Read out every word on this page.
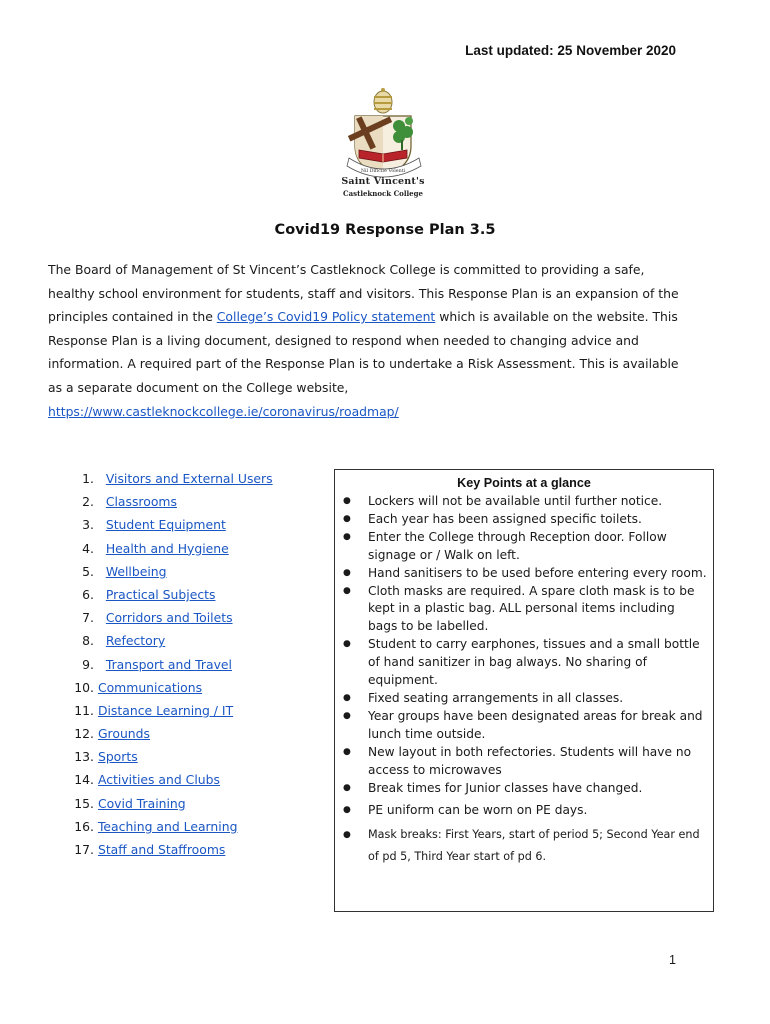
Last updated: 25 November 2020
Nil Dificile Volenti
Saint Vincent's
Castleknock College
Covid19 Response Plan 3.5

The Board of Management of St Vincent’s Castleknock College is committed to providing a safe, healthy school environment for students, staff and visitors. This Response Plan is an expansion of the principles contained in the College’s Covid19 Policy statement which is available on the website. This Response Plan is a living document, designed to respond when needed to changing advice and information. A required part of the Response Plan is to undertake a Risk Assessment. This is available as a separate document on the College website,

https://www.castleknockcollege.ie/coronavirus/roadmap/

1. Visitors and External Users
2. Classrooms
3. Student Equipment
4. Health and Hygiene
5. Wellbeing
6. Practical Subjects
7. Corridors and Toilets
8. Refectory
9. Transport and Travel
10. Communications
11. Distance Learning / IT
12. Grounds
13. Sports
14. Activities and Clubs
15. Covid Training
16. Teaching and Learning
17. Staff and Staffrooms
Key Points at a glance
● Lockers will not be available until further notice.
● Each year has been assigned specific toilets.
● Enter the College through Reception door. Follow signage or / Walk on left.
● Hand sanitisers to be used before entering every room.
● Cloth masks are required. A spare cloth mask is to be kept in a plastic bag. ALL personal items including bags to be labelled.
● Student to carry earphones, tissues and a small bottle of hand sanitizer in bag always. No sharing of equipment.
● Fixed seating arrangements in all classes.
● Year groups have been designated areas for break and lunch time outside.
● New layout in both refectories. Students will have no access to microwaves
● Break times for Junior classes have changed.
● PE uniform can be worn on PE days.
● Mask breaks: First Years, start of period 5; Second Year end of pd 5, Third Year start of pd 6.
1
